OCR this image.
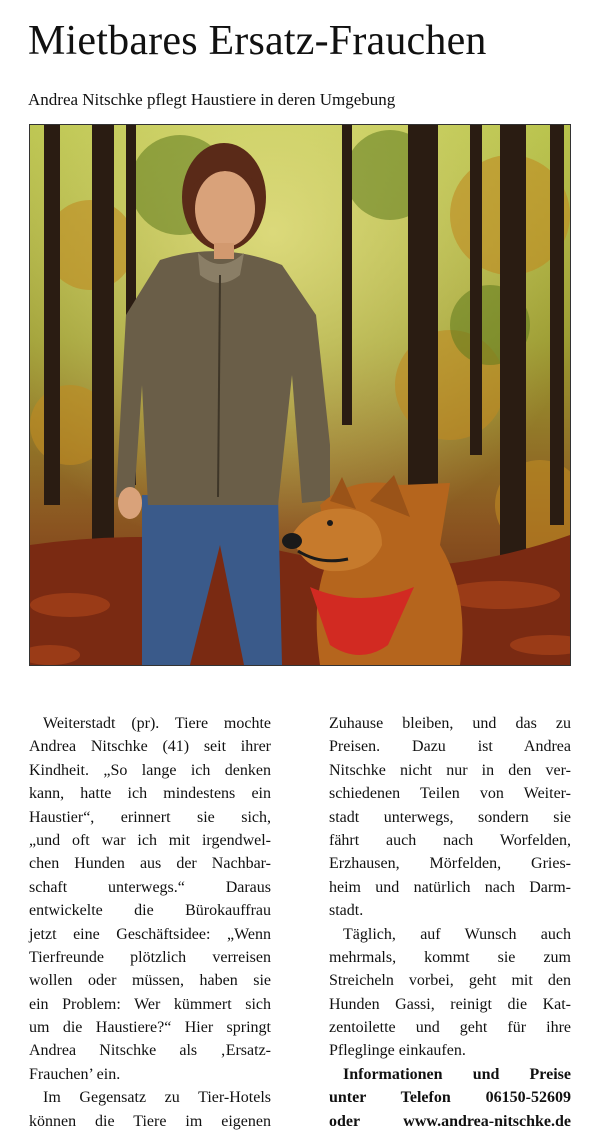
Mietbares Ersatz-Frauchen

Andrea Nitschke pflegt Haustiere in deren Umgebung

Weiterstadt (pr). Tiere mochte
Andrea Nitschke (41) seit ihrer
Kindheit. „So lange ich denken
kann, hatte ich mindestens ein
Haustier“, erinnert sie sich,
„und oft war ich mit irgendwel-
chen Hunden aus der Nachbar-
schaft unterwegs.“ Daraus
entwickelte die Bürokauffrau
jetzt eine Geschäftsidee: „Wenn
Tierfreunde plötzlich verreisen
wollen oder müssen, haben sie
ein Problem: Wer kümmert sich
um die Haustiere?“ Hier springt
Andrea Nitschke als ‚Ersatz-
Frauchen’ ein.
Im Gegensatz zu Tier-Hotels
können die Tiere im eigenen
Zuhause bleiben, und das zu
Preisen. Dazu ist Andrea
Nitschke nicht nur in den ver-
schiedenen Teilen von Weiter-
stadt unterwegs, sondern sie
fährt auch nach Worfelden,
Erzhausen, Mörfelden, Gries-
heim und natürlich nach Darm-
stadt.
Täglich, auf Wunsch auch
mehrmals, kommt sie zum
Streicheln vorbei, geht mit den
Hunden Gassi, reinigt die Kat-
zentoilette und geht für ihre
Pfleglinge einkaufen.
Informationen und Preise
unter Telefon 06150-52609
oder www.andrea-nitschke.de
